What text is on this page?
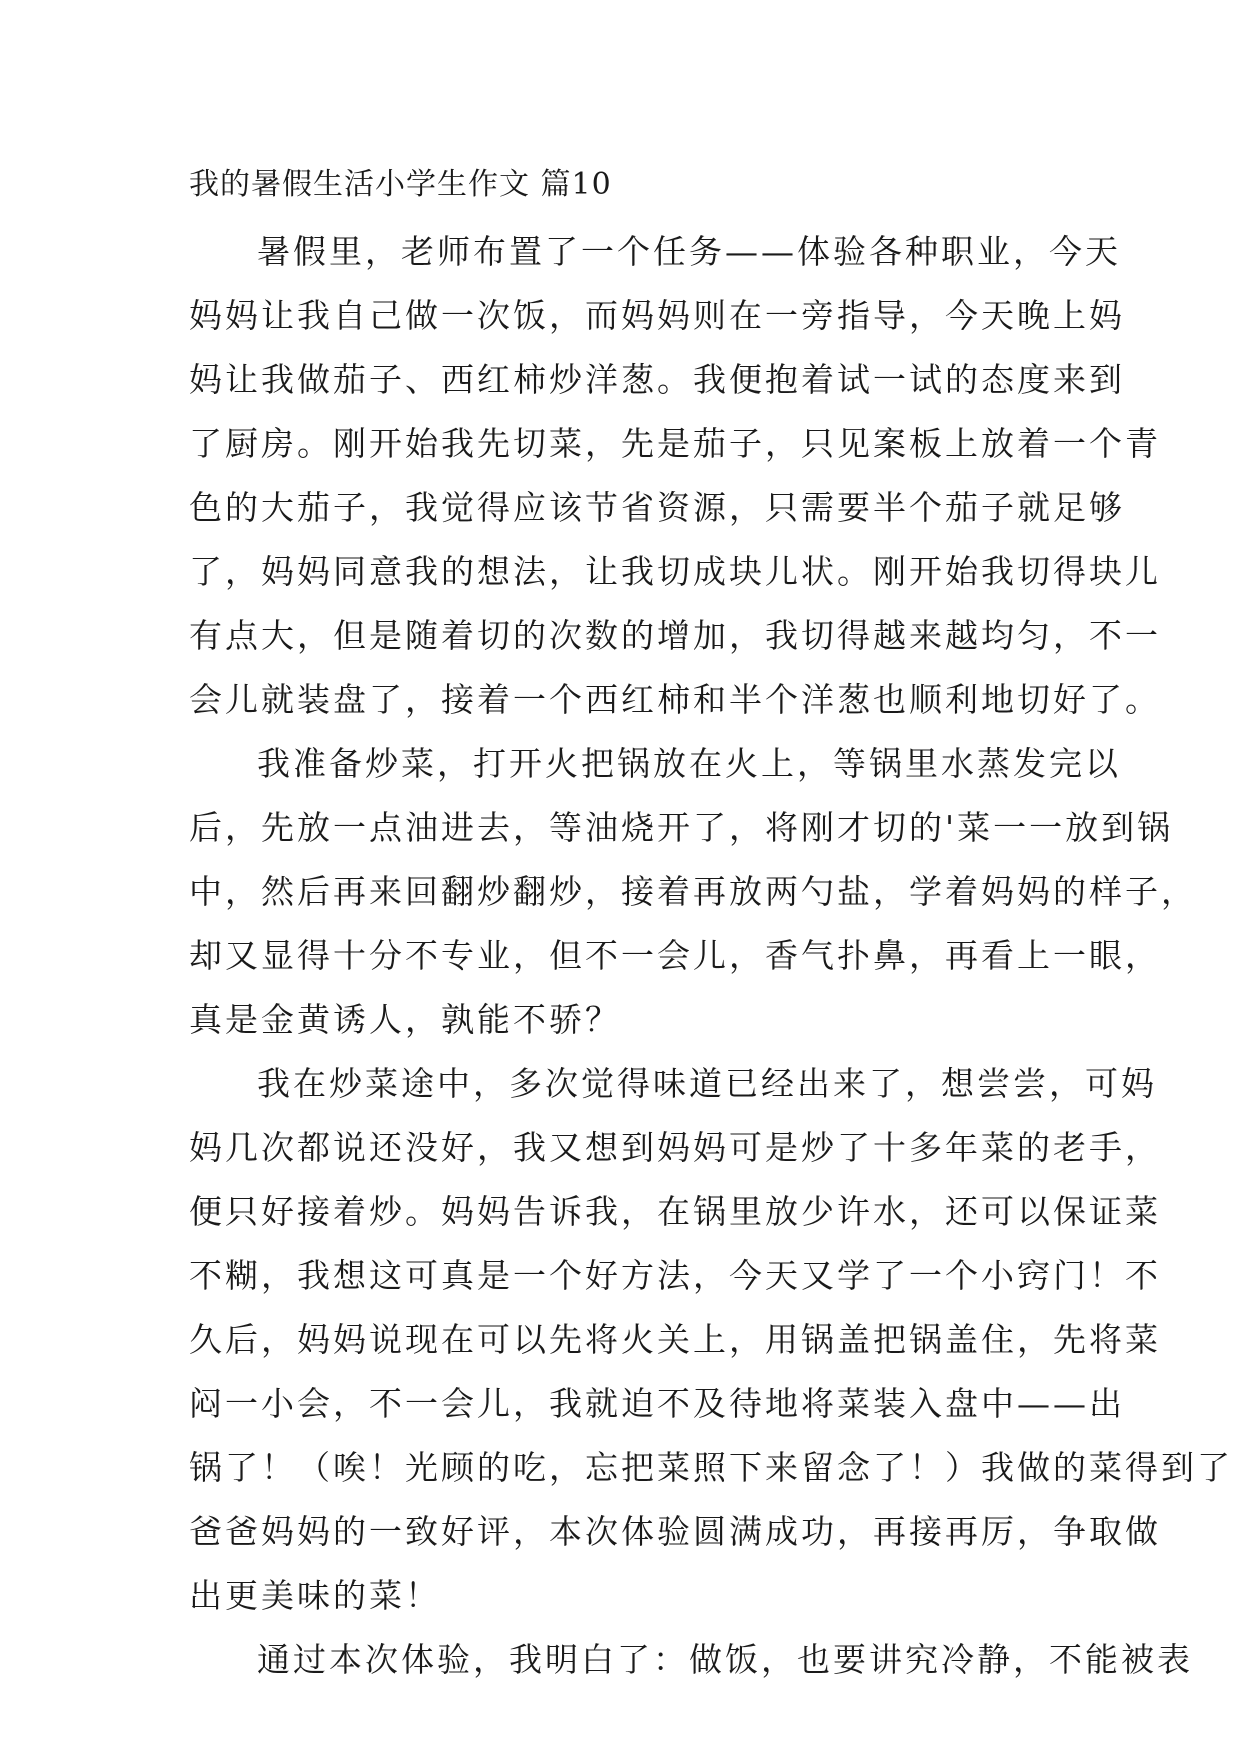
我的暑假生活小学生作文 篇10
暑假里，老师布置了一个任务——体验各种职业，今天
妈妈让我自己做一次饭，而妈妈则在一旁指导，今天晚上妈
妈让我做茄子、西红柿炒洋葱。我便抱着试一试的态度来到
了厨房。刚开始我先切菜，先是茄子，只见案板上放着一个青
色的大茄子，我觉得应该节省资源，只需要半个茄子就足够
了，妈妈同意我的想法，让我切成块儿状。刚开始我切得块儿
有点大，但是随着切的次数的增加，我切得越来越均匀，不一
会儿就装盘了，接着一个西红柿和半个洋葱也顺利地切好了。
我准备炒菜，打开火把锅放在火上，等锅里水蒸发完以
后，先放一点油进去，等油烧开了，将刚才切的'菜一一放到锅
中，然后再来回翻炒翻炒，接着再放两勺盐，学着妈妈的样子，
却又显得十分不专业，但不一会儿，香气扑鼻，再看上一眼，
真是金黄诱人，孰能不骄？
我在炒菜途中，多次觉得味道已经出来了，想尝尝，可妈
妈几次都说还没好，我又想到妈妈可是炒了十多年菜的老手，
便只好接着炒。妈妈告诉我，在锅里放少许水，还可以保证菜
不糊，我想这可真是一个好方法，今天又学了一个小窍门！不
久后，妈妈说现在可以先将火关上，用锅盖把锅盖住，先将菜
闷一小会，不一会儿，我就迫不及待地将菜装入盘中——出
锅了！（唉！光顾的吃，忘把菜照下来留念了！）我做的菜得到了
爸爸妈妈的一致好评，本次体验圆满成功，再接再厉，争取做
出更美味的菜！
通过本次体验，我明白了：做饭，也要讲究冷静，不能被表
